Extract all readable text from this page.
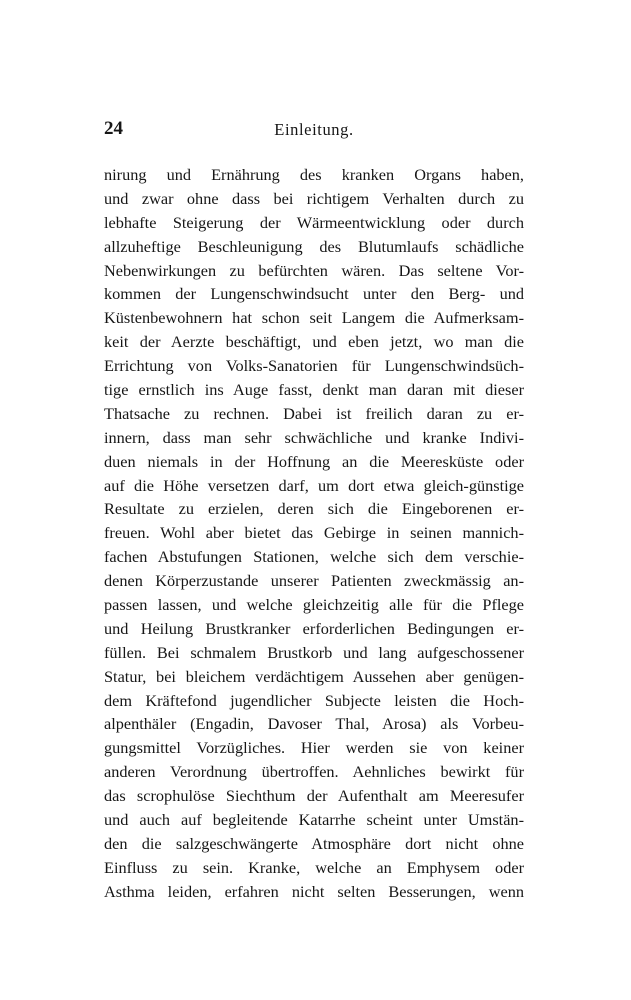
24	Einleitung.
nirung und Ernährung des kranken Organs haben,
und zwar ohne dass bei richtigem Verhalten durch zu
lebhafte Steigerung der Wärmeentwicklung oder durch
allzuheftige Beschleunigung des Blutumlaufs schädliche
Nebenwirkungen zu befürchten wären. Das seltene Vor-
kommen der Lungenschwindsucht unter den Berg- und
Küstenbewohnern hat schon seit Langem die Aufmerksam-
keit der Aerzte beschäftigt, und eben jetzt, wo man die
Errichtung von Volks-Sanatorien für Lungenschwindsüch-
tige ernstlich ins Auge fasst, denkt man daran mit dieser
Thatsache zu rechnen. Dabei ist freilich daran zu er-
innern, dass man sehr schwächliche und kranke Indivi-
duen niemals in der Hoffnung an die Meeresküste oder
auf die Höhe versetzen darf, um dort etwa gleich-günstige
Resultate zu erzielen, deren sich die Eingeborenen er-
freuen. Wohl aber bietet das Gebirge in seinen mannich-
fachen Abstufungen Stationen, welche sich dem verschie-
denen Körperzustande unserer Patienten zweckmässig an-
passen lassen, und welche gleichzeitig alle für die Pflege
und Heilung Brustkranker erforderlichen Bedingungen er-
füllen. Bei schmalem Brustkorb und lang aufgeschossener
Statur, bei bleichem verdächtigem Aussehen aber genügen-
dem Kräftefond jugendlicher Subjecte leisten die Hoch-
alpenthäler (Engadin, Davoser Thal, Arosa) als Vorbeu-
gungsmittel Vorzügliches. Hier werden sie von keiner
anderen Verordnung übertroffen. Aehnliches bewirkt für
das scrophulöse Siechthum der Aufenthalt am Meeresufer
und auch auf begleitende Katarrhe scheint unter Umstän-
den die salzgeschwängerte Atmosphäre dort nicht ohne
Einfluss zu sein. Kranke, welche an Emphysem oder
Asthma leiden, erfahren nicht selten Besserungen, wenn
